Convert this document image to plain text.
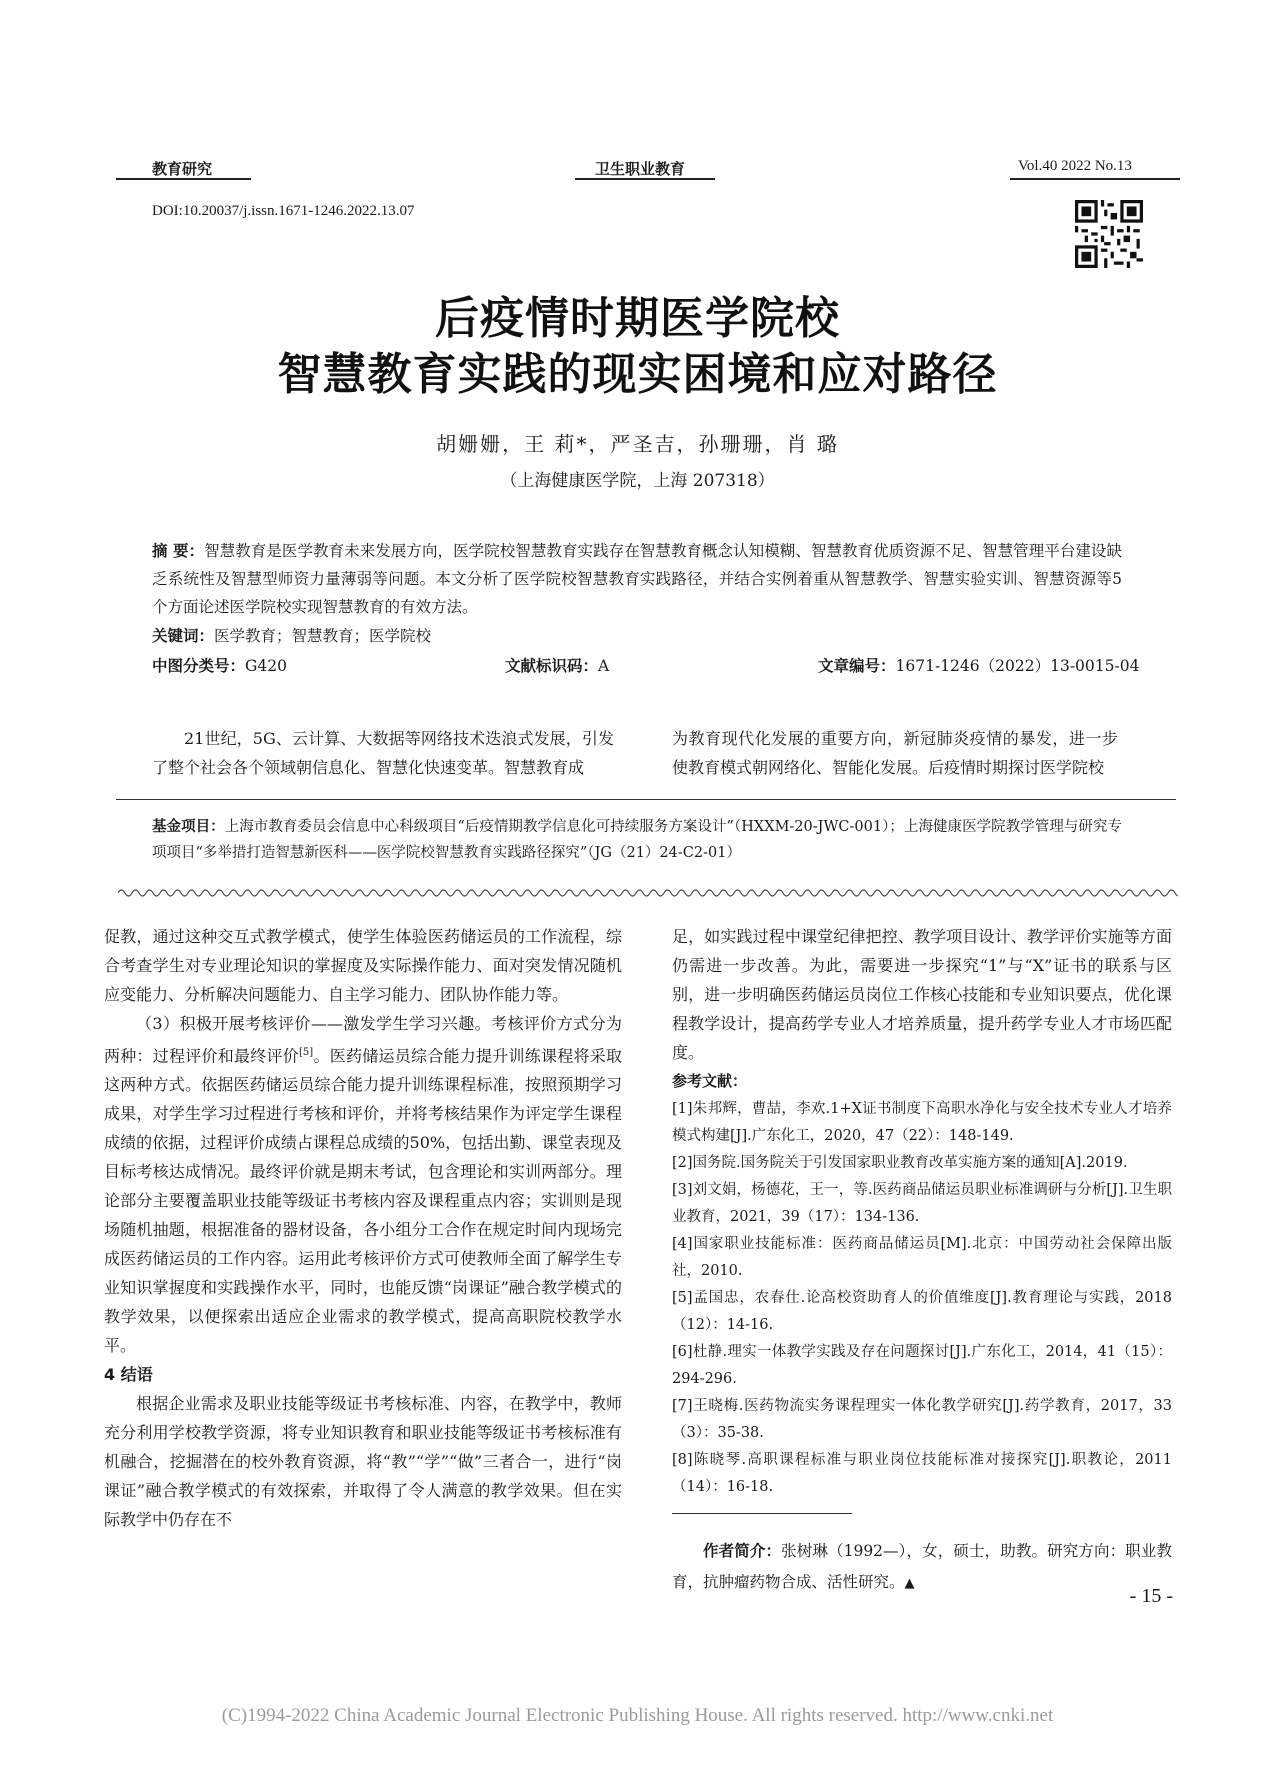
教育研究	卫生职业教育	Vol.40 2022 No.13
DOI:10.20037/j.issn.1671-1246.2022.13.07
后疫情时期医学院校
智慧教育实践的现实困境和应对路径
胡姗姗，王 莉*，严圣吉，孙珊珊，肖 璐
（上海健康医学院，上海 207318）
摘 要：智慧教育是医学教育未来发展方向，医学院校智慧教育实践存在智慧教育概念认知模糊、智慧教育优质资源不足、智慧管理平台建设缺乏系统性及智慧型师资力量薄弱等问题。本文分析了医学院校智慧教育实践路径，并结合实例着重从智慧教学、智慧实验实训、智慧资源等5个方面论述医学院校实现智慧教育的有效方法。
关键词：医学教育；智慧教育；医学院校
中图分类号：G420	文献标识码：A	文章编号：1671-1246（2022）13-0015-04
21世纪，5G、云计算、大数据等网络技术迭浪式发展，引发了整个社会各个领域朝信息化、智慧化快速变革。智慧教育成
为教育现代化发展的重要方向，新冠肺炎疫情的暴发，进一步使教育模式朝网络化、智能化发展。后疫情时期探讨医学院校
基金项目：上海市教育委员会信息中心科级项目“后疫情期教学信息化可持续服务方案设计”（HXXM-20-JWC-001）；上海健康医学院教学管理与研究专项项目“多举措打造智慧新医科——医学院校智慧教育实践路径探究”（JG（21）24-C2-01）

促教，通过这种交互式教学模式，使学生体验医药储运员的工作流程，综合考查学生对专业理论知识的掌握度及实际操作能力、面对突发情况随机应变能力、分析解决问题能力、自主学习能力、团队协作能力等。

（3）积极开展考核评价——激发学生学习兴趣。考核评价方式分为两种：过程评价和最终评价[5]。医药储运员综合能力提升训练课程将采取这两种方式。依据医药储运员综合能力提升训练课程标准，按照预期学习成果，对学生学习过程进行考核和评价，并将考核结果作为评定学生课程成绩的依据，过程评价成绩占课程总成绩的50%，包括出勤、课堂表现及目标考核达成情况。最终评价就是期末考试，包含理论和实训两部分。理论部分主要覆盖职业技能等级证书考核内容及课程重点内容；实训则是现场随机抽题，根据准备的器材设备，各小组分工合作在规定时间内现场完成医药储运员的工作内容。运用此考核评价方式可使教师全面了解学生专业知识掌握度和实践操作水平，同时，也能反馈“岗课证”融合教学模式的教学效果，以便探索出适应企业需求的教学模式，提高高职院校教学水平。

4 结语

根据企业需求及职业技能等级证书考核标准、内容，在教学中，教师充分利用学校教学资源，将专业知识教育和职业技能等级证书考核标准有机融合，挖掘潜在的校外教育资源，将“教”“学”“做”三者合一，进行“岗课证”融合教学模式的有效探索，并取得了令人满意的教学效果。但在实际教学中仍存在不

足，如实践过程中课堂纪律把控、教学项目设计、教学评价实施等方面仍需进一步改善。为此，需要进一步探究“1”与“X”证书的联系与区别，进一步明确医药储运员岗位工作核心技能和专业知识要点，优化课程教学设计，提高药学专业人才培养质量，提升药学专业人才市场匹配度。

参考文献：

[1]朱邦辉，曹喆，李欢.1+X证书制度下高职水净化与安全技术专业人才培养模式构建[J].广东化工，2020，47（22）：148-149.

[2]国务院.国务院关于引发国家职业教育改革实施方案的通知[A].2019.

[3]刘文娟，杨德花，王一，等.医药商品储运员职业标准调研与分析[J].卫生职业教育，2021，39（17）：134-136.

[4]国家职业技能标准：医药商品储运员[M].北京：中国劳动社会保障出版社，2010.

[5]孟国忠，农春仕.论高校资助育人的价值维度[J].教育理论与实践，2018（12）：14-16.

[6]杜静.理实一体教学实践及存在问题探讨[J].广东化工，2014，41（15）：294-296.

[7]王晓梅.医药物流实务课程理实一体化教学研究[J].药学教育，2017，33（3）：35-38.

[8]陈晓琴.高职课程标准与职业岗位技能标准对接探究[J].职教论，2011（14）：16-18.

作者简介：张树琳（1992—），女，硕士，助教。研究方向：职业教育，抗肿瘤药物合成、活性研究。▲

- 15 -
(C)1994-2022 China Academic Journal Electronic Publishing House. All rights reserved. http://www.cnki.net
